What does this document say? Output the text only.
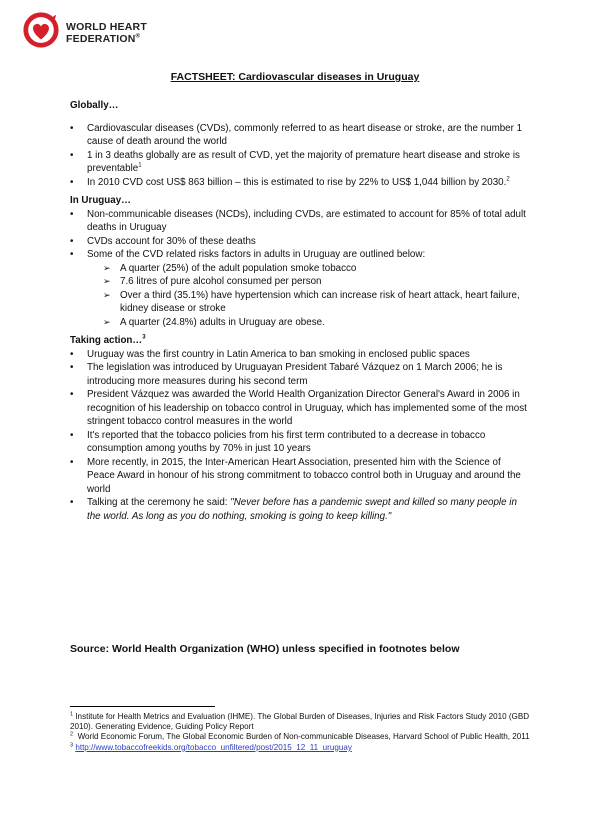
WORLD HEART
FEDERATION®
FACTSHEET: Cardiovascular diseases in Uruguay

Globally…

• Cardiovascular diseases (CVDs), commonly referred to as heart disease or stroke, are the number 1 cause of death around the world
• 1 in 3 deaths globally are as result of CVD, yet the majority of premature heart disease and stroke is preventable$^1$
• In 2010 CVD cost US$ 863 billion – this is estimated to rise by 22% to US$ 1,044 billion by 2030.$^2$

In Uruguay…

• Non-communicable diseases (NCDs), including CVDs, are estimated to account for 85% of total adult deaths in Uruguay
• CVDs account for 30% of these deaths
• Some of the CVD related risks factors in adults in Uruguay are outlined below:
➢ A quarter (25%) of the adult population smoke tobacco
➢ 7.6 litres of pure alcohol consumed per person
➢ Over a third (35.1%) have hypertension which can increase risk of heart attack, heart failure, kidney disease or stroke
➢ A quarter (24.8%) adults in Uruguay are obese.

Taking action…$^3$

• Uruguay was the first country in Latin America to ban smoking in enclosed public spaces
• The legislation was introduced by Uruguayan President Tabaré Vázquez on 1 March 2006; he is introducing more measures during his second term
• President Vázquez was awarded the World Health Organization Director General's Award in 2006 in recognition of his leadership on tobacco control in Uruguay, which has implemented some of the most stringent tobacco control measures in the world
• It's reported that the tobacco policies from his first term contributed to a decrease in tobacco consumption among youths by 70% in just 10 years
• More recently, in 2015, the Inter-American Heart Association, presented him with the Science of Peace Award in honour of his strong commitment to tobacco control both in Uruguay and around the world
• Talking at the ceremony he said: "Never before has a pandemic swept and killed so many people in the world. As long as you do nothing, smoking is going to keep killing."
Source: World Health Organization (WHO) unless specified in footnotes below
$^1$ Institute for Health Metrics and Evaluation (IHME). The Global Burden of Diseases, Injuries and Risk Factors Study 2010 (GBD 2010). Generating Evidence, Guiding Policy Report
$^2$ World Economic Forum, The Global Economic Burden of Non-communicable Diseases, Harvard School of Public Health, 2011
$^3$ http://www.tobaccofreekids.org/tobacco_unfiltered/post/2015_12_11_uruguay
